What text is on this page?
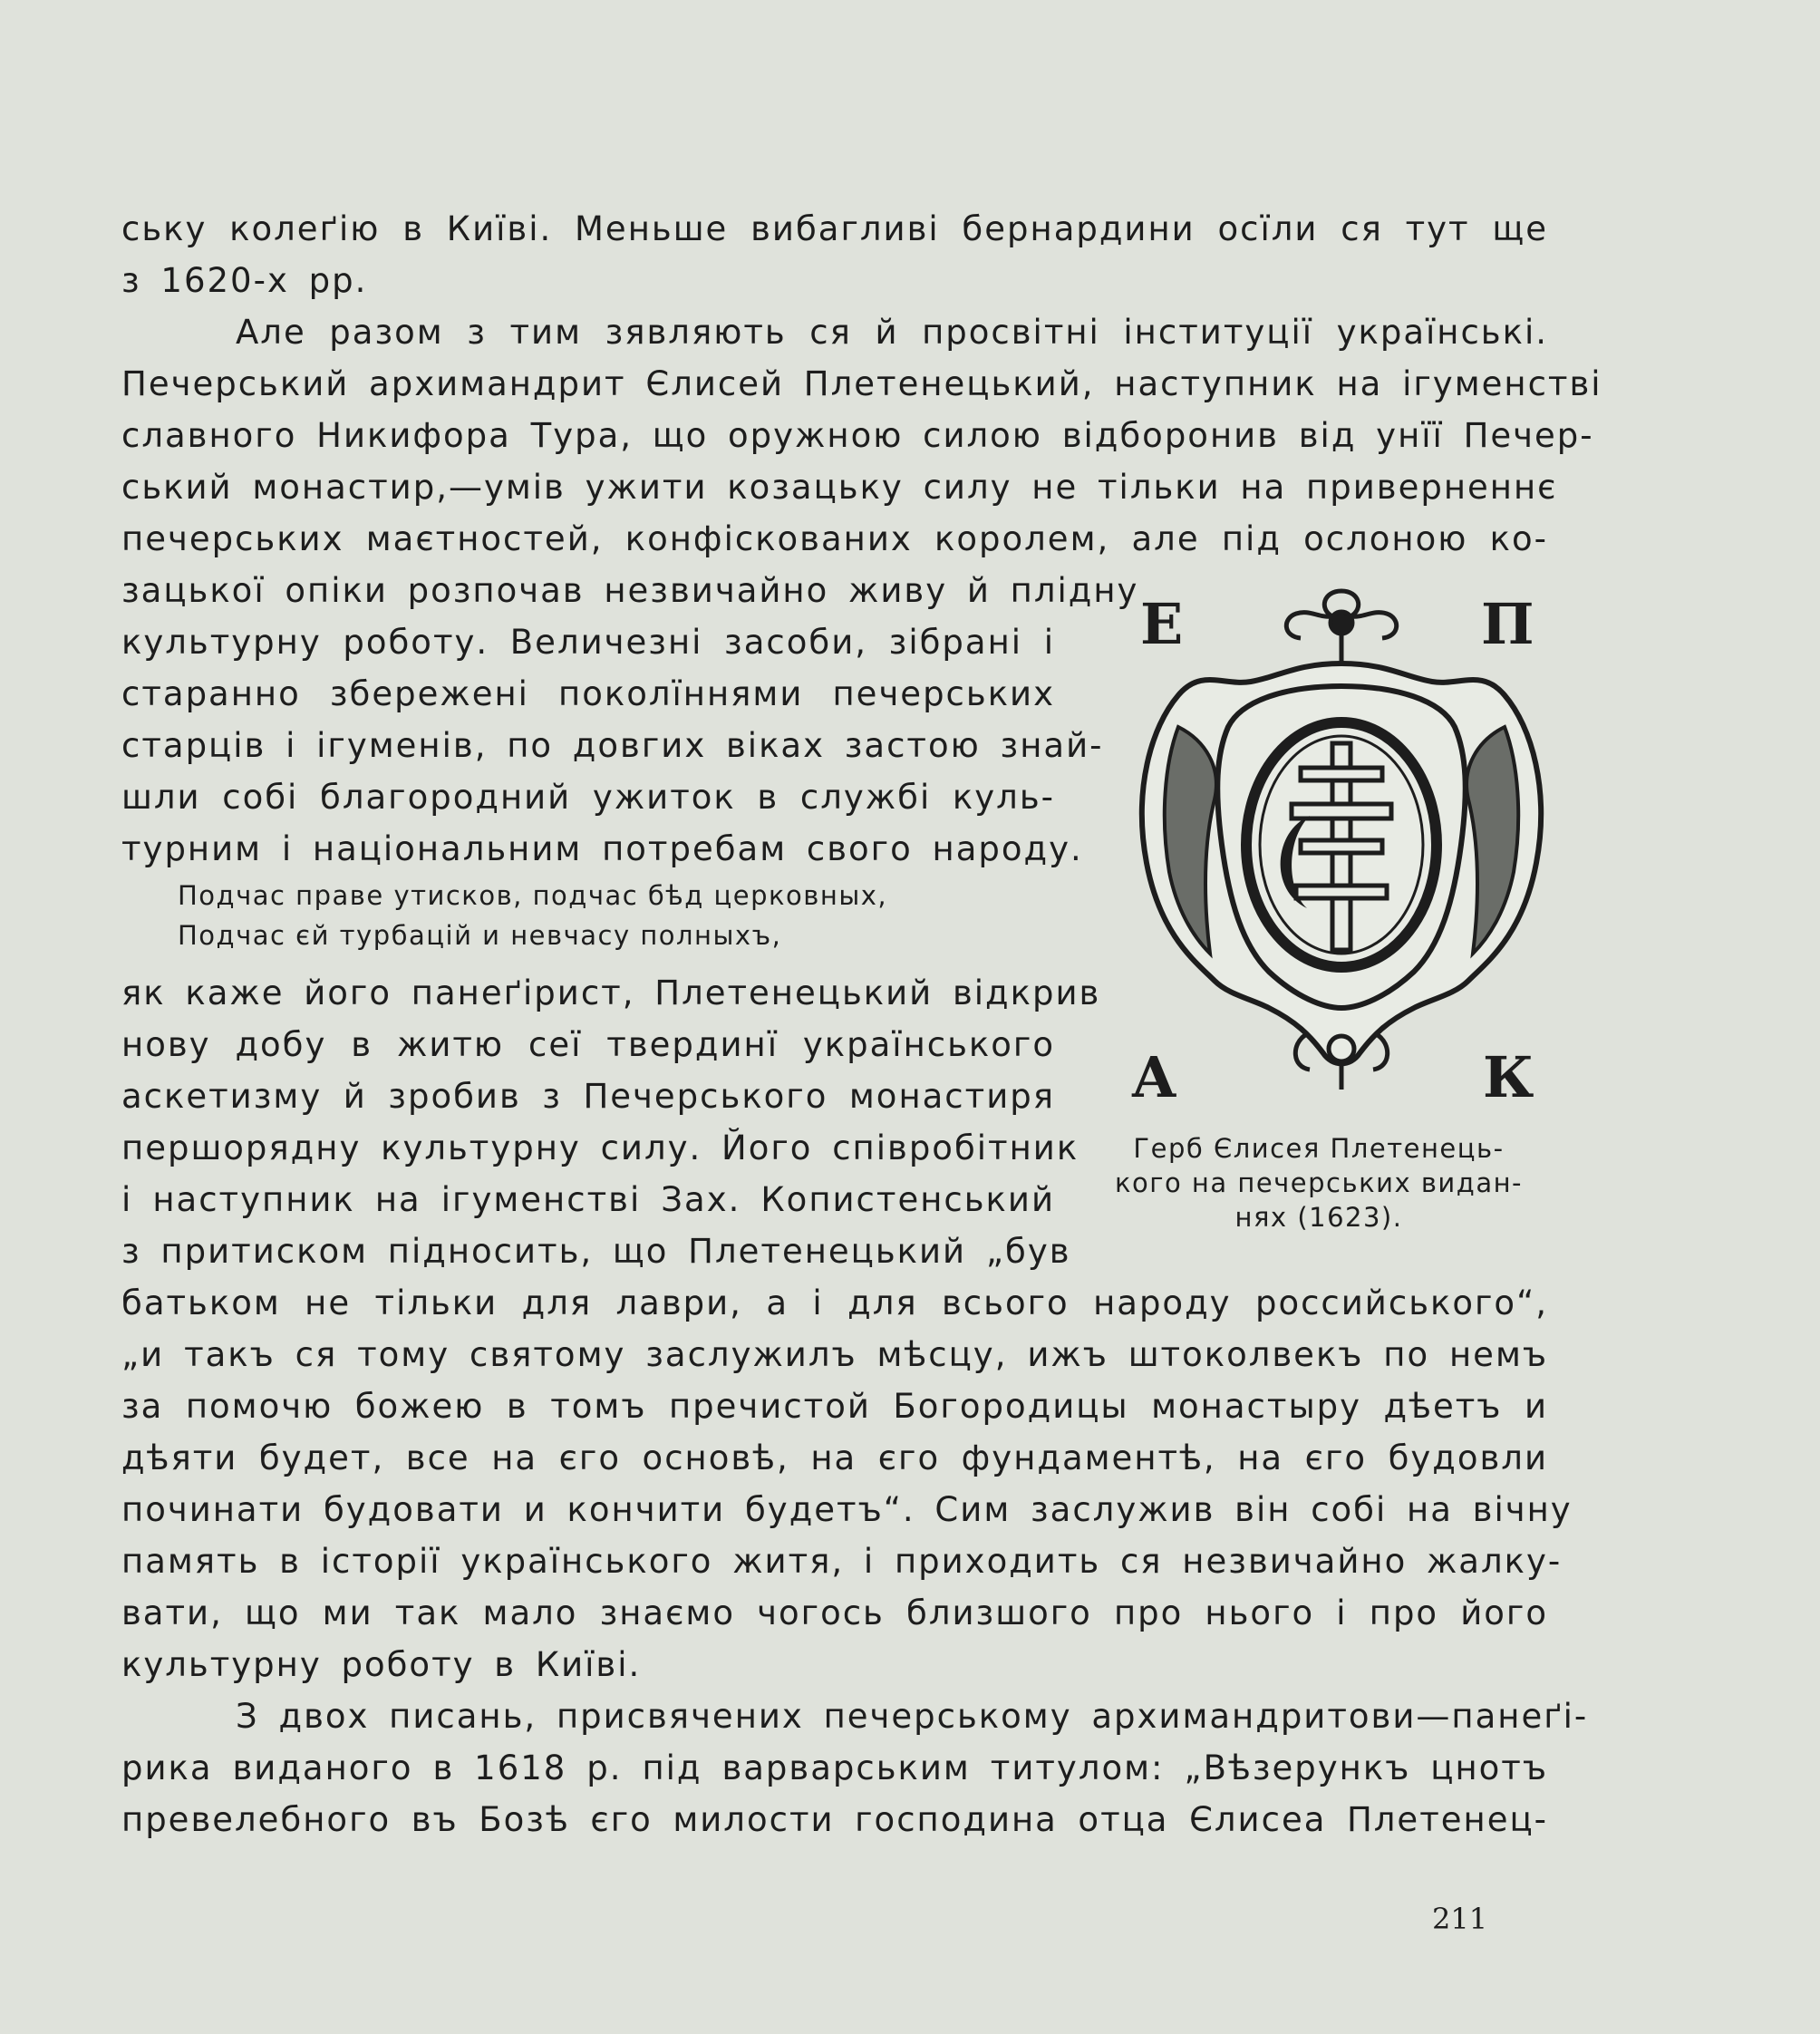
ську колеґію в Київі. Меньше вибагливі бернардини осїли ся тут ще
з 1620-х рр.
Але разом з тим зявляють ся й просвітні інституції українські.
Печерський архимандрит Єлисей Плетенецький, наступник на ігуменстві
славного Никифора Тура, що оружною силою відборонив від унїї Печер-
ський монастир,—умів ужити козацьку силу не тільки на приверненнє
печерських маєтностей, конфіскованих королем, але під ослоною ко-
зацької опіки розпочав незвичайно живу й плідну
культурну роботу. Величезні засоби, зібрані і
старанно збережені поколїннями печерських
старців і ігуменів, по довгих віках застою знай-
шли собі благородний ужиток в службі куль-
турним і національним потребам свого народу.
Подчас праве утисков, подчас бѣд церковных,
Подчас єй турбацій и невчасу полныхъ,
як каже його панеґірист, Плетенецький відкрив
нову добу в житю сеї твердинї українського
аскетизму й зробив з Печерського монастиря
першорядну культурну силу. Його співробітник
і наступник на ігуменстві Зах. Копистенський
з притиском підносить, що Плетенецький „був
батьком не тільки для лаври, а і для всього народу российського“,
„и такъ ся тому святому заслужилъ мѣсцу, ижъ штоколвекъ по немъ
за помочю божею в томъ пречистой Богородицы монастыру дѣетъ и
дѣяти будет, все на єго основѣ, на єго фундаментѣ, на єго будовли
починати будовати и кончити будетъ“. Сим заслужив він собі на вічну
память в історії українського житя, і приходить ся незвичайно жалку-
вати, що ми так мало знаємо чогось близшого про нього і про його
культурну роботу в Київі.
З двох писань, присвячених печерському архимандритови—панеґі-
рика виданого в 1618 р. під варварським титулом: „Вѣзерункъ цнотъ
превелебного въ Бозѣ єго милости господина отца Єлисеа Плетенец-
Е	П
А	К
Герб Єлисея Плетенець-
кого на печерських видан-
нях (1623).
211
